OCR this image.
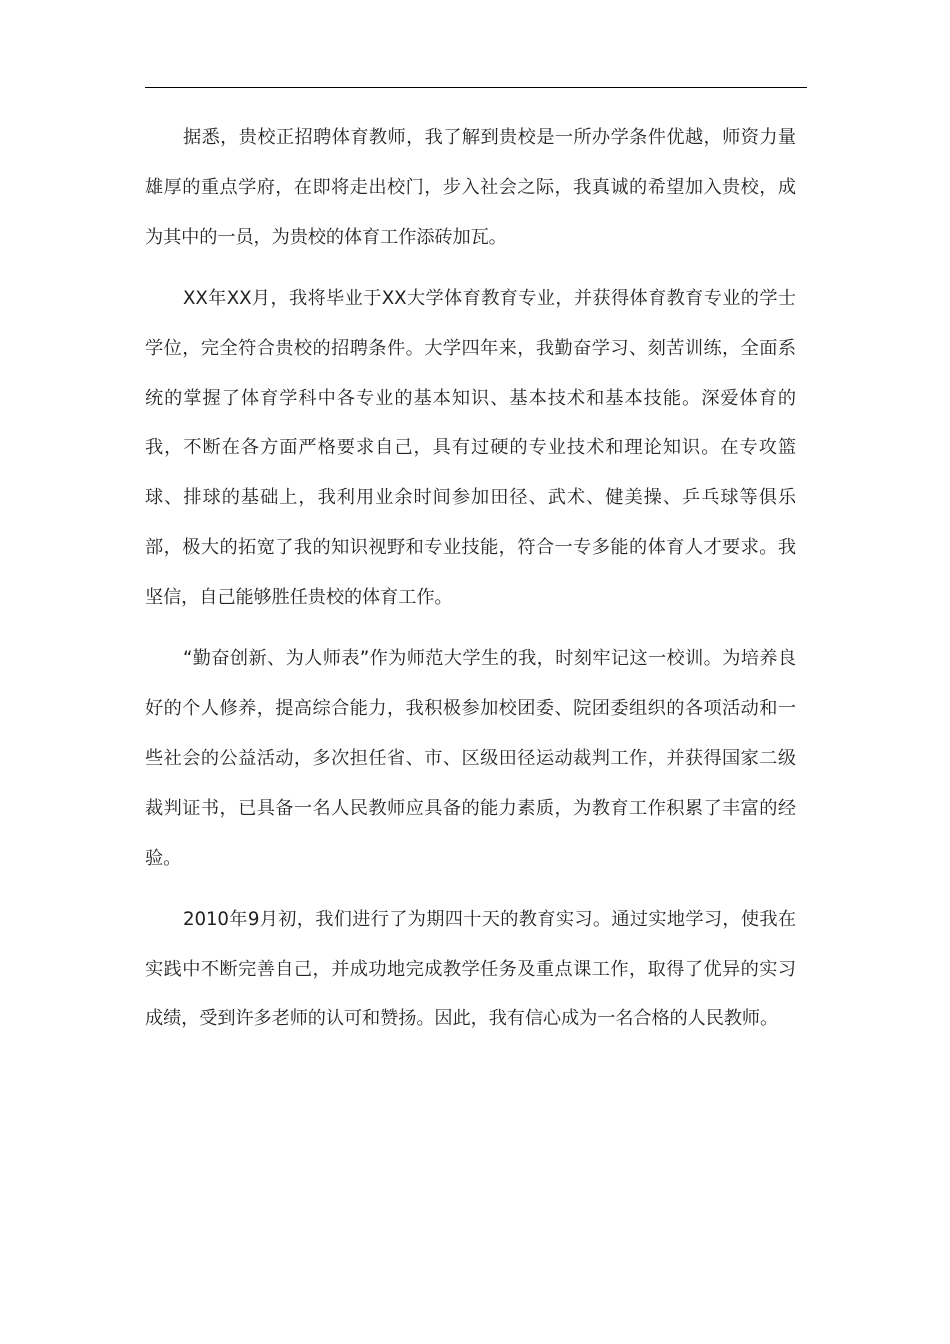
据悉，贵校正招聘体育教师，我了解到贵校是一所办学条件优越，师资力量雄厚的重点学府，在即将走出校门，步入社会之际，我真诚的希望加入贵校，成为其中的一员，为贵校的体育工作添砖加瓦。

XX年XX月，我将毕业于XX大学体育教育专业，并获得体育教育专业的学士学位，完全符合贵校的招聘条件。大学四年来，我勤奋学习、刻苦训练，全面系统的掌握了体育学科中各专业的基本知识、基本技术和基本技能。深爱体育的我，不断在各方面严格要求自己，具有过硬的专业技术和理论知识。在专攻篮球、排球的基础上，我利用业余时间参加田径、武术、健美操、乒乓球等俱乐部，极大的拓宽了我的知识视野和专业技能，符合一专多能的体育人才要求。我坚信，自己能够胜任贵校的体育工作。

“勤奋创新、为人师表”作为师范大学生的我，时刻牢记这一校训。为培养良好的个人修养，提高综合能力，我积极参加校团委、院团委组织的各项活动和一些社会的公益活动，多次担任省、市、区级田径运动裁判工作，并获得国家二级裁判证书，已具备一名人民教师应具备的能力素质，为教育工作积累了丰富的经验。

2010年9月初，我们进行了为期四十天的教育实习。通过实地学习，使我在实践中不断完善自己，并成功地完成教学任务及重点课工作，取得了优异的实习成绩，受到许多老师的认可和赞扬。因此，我有信心成为一名合格的人民教师。
